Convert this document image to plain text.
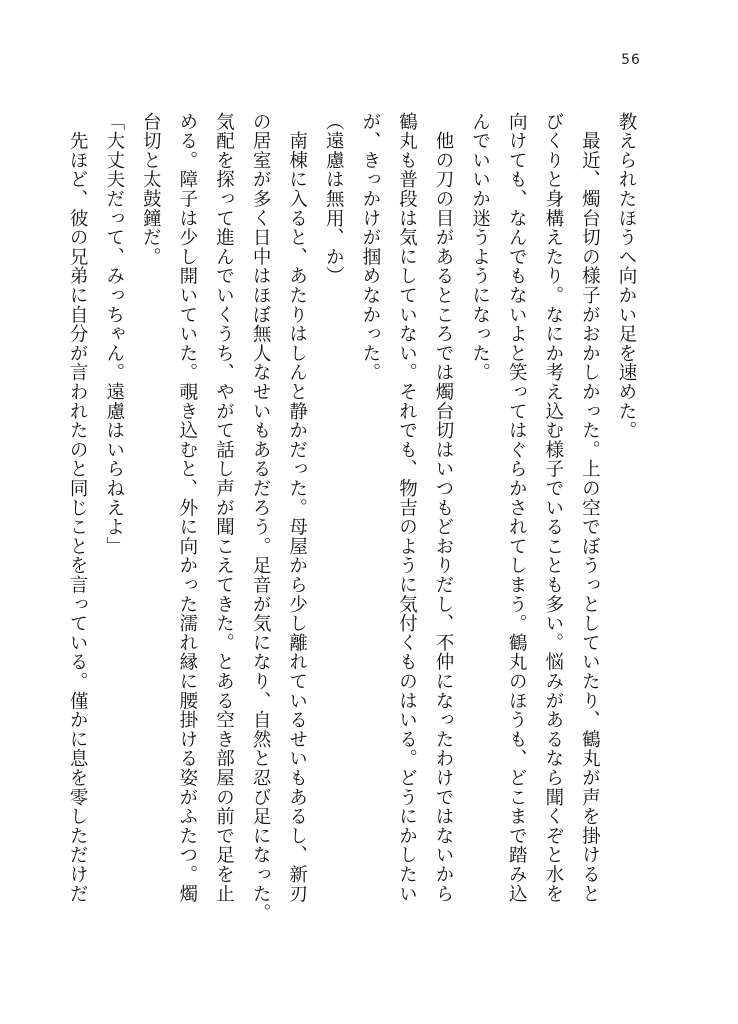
56

教えられたほうへ向かい足を速めた。

　最近、燭台切の様子がおかしかった。上の空でぼうっとしていたり、鶴丸が声を掛けると

びくりと身構えたり。なにか考え込む様子でいることも多い。悩みがあるなら聞くぞと水を

向けても、なんでもないよと笑ってはぐらかされてしまう。鶴丸のほうも、どこまで踏み込

んでいいか迷うようになった。

　他の刀の目があるところでは燭台切はいつもどおりだし、不仲になったわけではないから

鶴丸も普段は気にしていない。それでも、物吉のように気付くものはいる。どうにかしたい

が、きっかけが掴めなかった。

（遠慮は無用、か）

　南棟に入ると、あたりはしんと静かだった。母屋から少し離れているせいもあるし、新刃

の居室が多く日中はほぼ無人なせいもあるだろう。足音が気になり、自然と忍び足になった。

気配を探って進んでいくうち、やがて話し声が聞こえてきた。とある空き部屋の前で足を止

める。障子は少し開いていた。覗き込むと、外に向かった濡れ縁に腰掛ける姿がふたつ。燭

台切と太鼓鐘だ。

「大丈夫だって、みっちゃん。遠慮はいらねえよ」

　先ほど、彼の兄弟に自分が言われたのと同じことを言っている。僅かに息を零しただけだ
